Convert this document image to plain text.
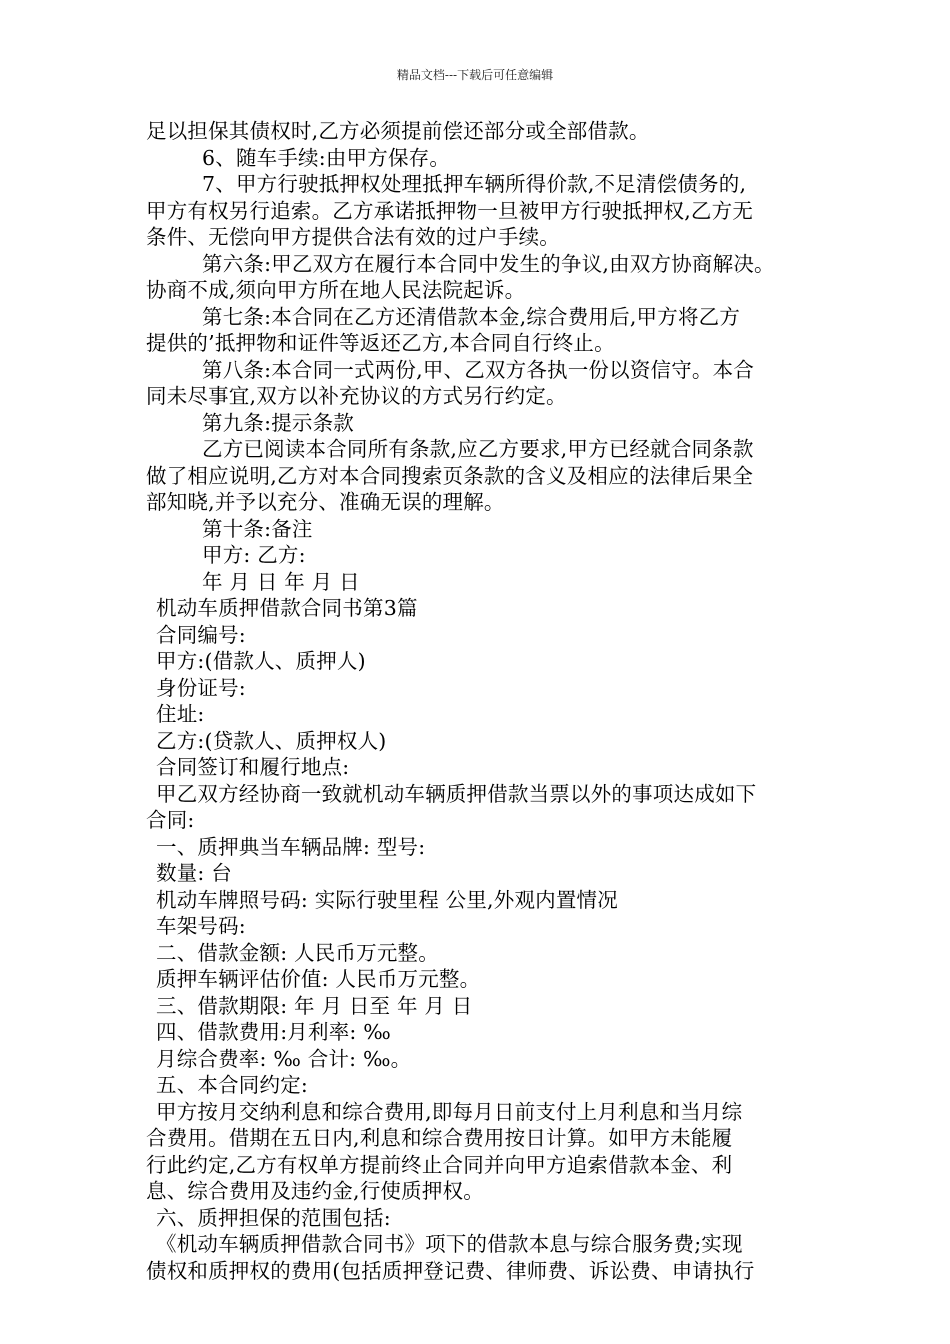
精品文档---下载后可任意编辑
足以担保其债权时,乙方必须提前偿还部分或全部借款。
6、随车手续:由甲方保存。
7、甲方行驶抵押权处理抵押车辆所得价款,不足清偿债务的,
甲方有权另行追索。乙方承诺抵押物一旦被甲方行驶抵押权,乙方无
条件、无偿向甲方提供合法有效的过户手续。
第六条:甲乙双方在履行本合同中发生的争议,由双方协商解决。
协商不成,须向甲方所在地人民法院起诉。
第七条:本合同在乙方还清借款本金,综合费用后,甲方将乙方
提供的’抵押物和证件等返还乙方,本合同自行终止。
第八条:本合同一式两份,甲、乙双方各执一份以资信守。本合
同未尽事宜,双方以补充协议的方式另行约定。
第九条:提示条款
乙方已阅读本合同所有条款,应乙方要求,甲方已经就合同条款
做了相应说明,乙方对本合同搜索页条款的含义及相应的法律后果全
部知晓,并予以充分、准确无误的理解。
第十条:备注
甲方: 乙方:
年 月 日 年 月 日
机动车质押借款合同书第3篇
合同编号:
甲方:(借款人、质押人)
身份证号:
住址:
乙方:(贷款人、质押权人)
合同签订和履行地点:
甲乙双方经协商一致就机动车辆质押借款当票以外的事项达成如下
合同:
一、质押典当车辆品牌: 型号:
数量: 台
机动车牌照号码: 实际行驶里程 公里,外观内置情况
车架号码:
二、借款金额: 人民币万元整。
质押车辆评估价值: 人民币万元整。
三、借款期限: 年 月 日至 年 月 日
四、借款费用:月利率: ‰
月综合费率: ‰ 合计: ‰。
五、本合同约定:
甲方按月交纳利息和综合费用,即每月日前支付上月利息和当月综
合费用。借期在五日内,利息和综合费用按日计算。如甲方未能履
行此约定,乙方有权单方提前终止合同并向甲方追索借款本金、利
息、综合费用及违约金,行使质押权。
六、质押担保的范围包括:
《机动车辆质押借款合同书》项下的借款本息与综合服务费;实现
债权和质押权的费用(包括质押登记费、律师费、诉讼费、申请执行
